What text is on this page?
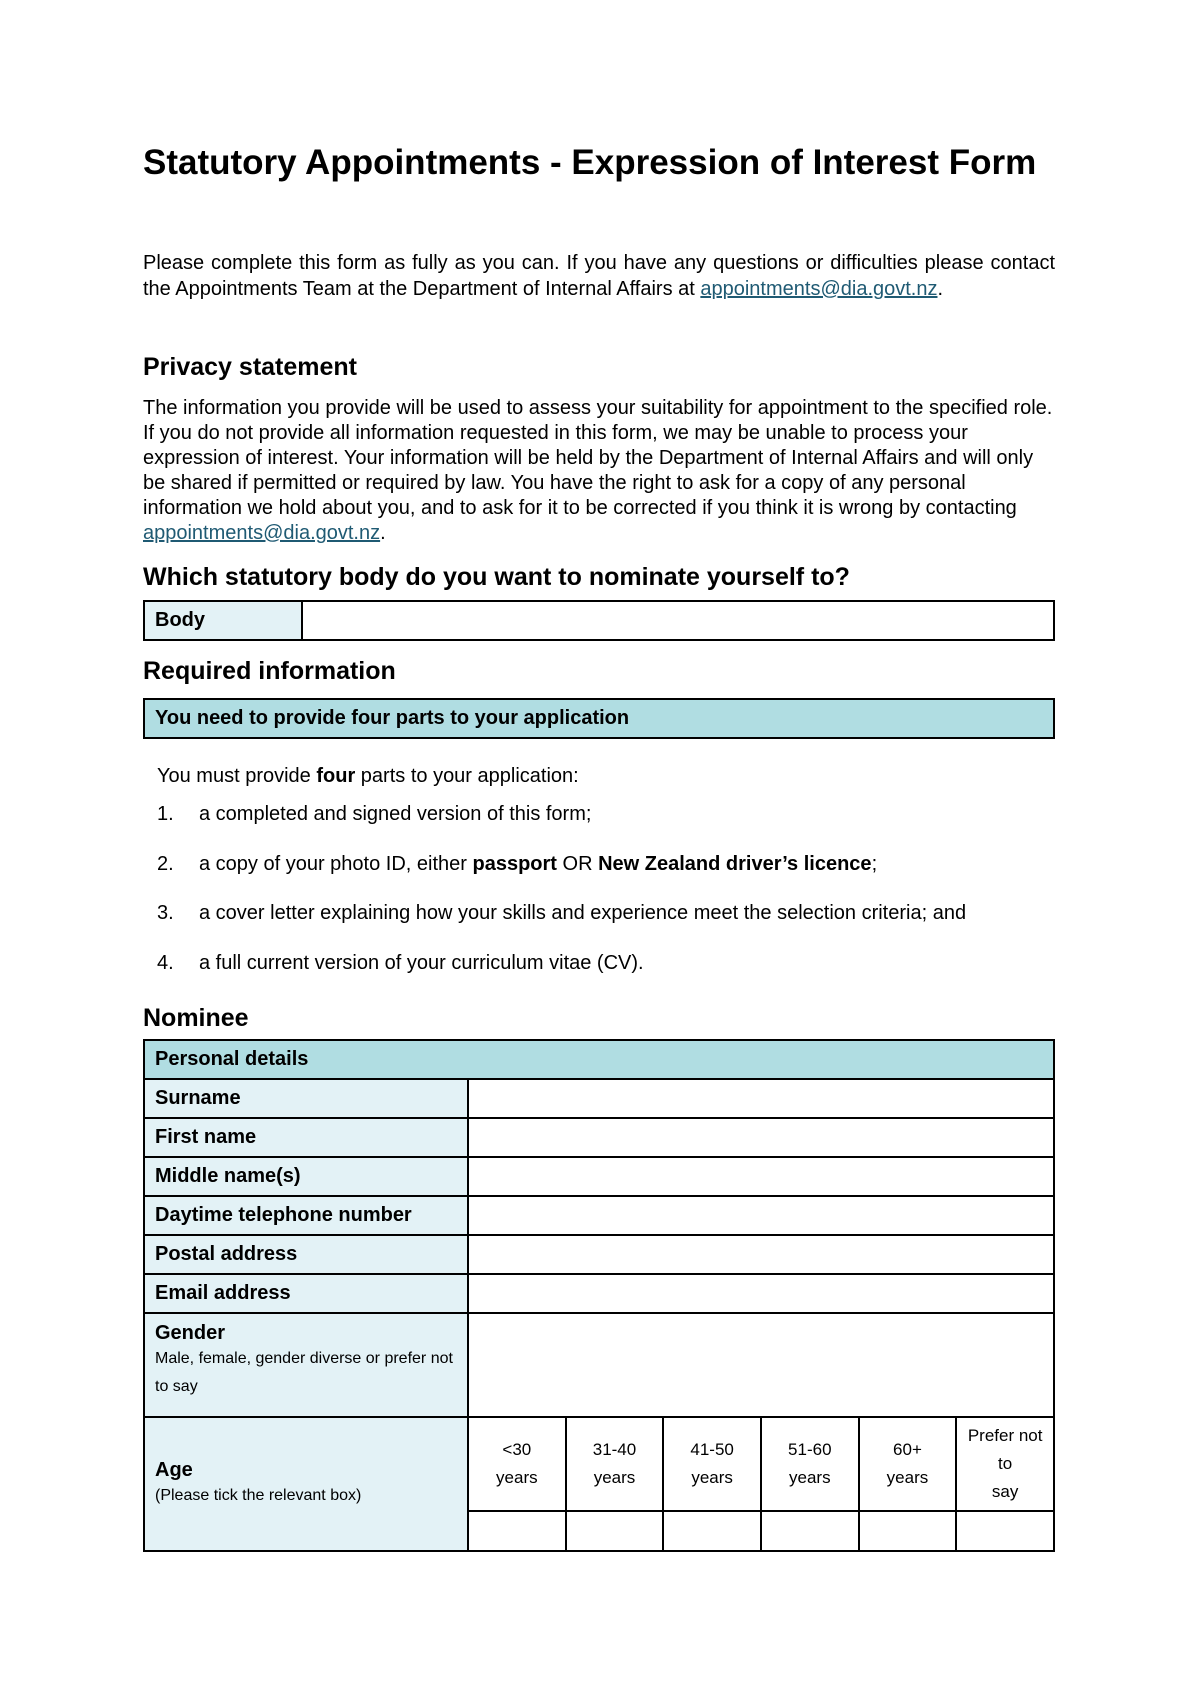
Statutory Appointments - Expression of Interest Form

Please complete this form as fully as you can. If you have any questions or difficulties please contact the Appointments Team at the Department of Internal Affairs at appointments@dia.govt.nz.

Privacy statement

The information you provide will be used to assess your suitability for appointment to the specified role. If you do not provide all information requested in this form, we may be unable to process your expression of interest. Your information will be held by the Department of Internal Affairs and will only be shared if permitted or required by law. You have the right to ask for a copy of any personal information we hold about you, and to ask for it to be corrected if you think it is wrong by contacting appointments@dia.govt.nz.

Which statutory body do you want to nominate yourself to?
Body	
Required information
You need to provide four parts to your application

You must provide four parts to your application:

1.	a completed and signed version of this form;
2.	a copy of your photo ID, either passport OR New Zealand driver’s licence;
3.	a cover letter explaining how your skills and experience meet the selection criteria; and
4.	a full current version of your curriculum vitae (CV).
Nominee
Personal details						
Surname						
First name						
Middle name(s)						
Daytime telephone number						
Postal address						
Email address						
Gender
Male, female, gender diverse or prefer not to say						

Age
(Please tick the relevant box)

<30
years

31-40
years

41-50
years

51-60
years

60+
years

Prefer not to
say
